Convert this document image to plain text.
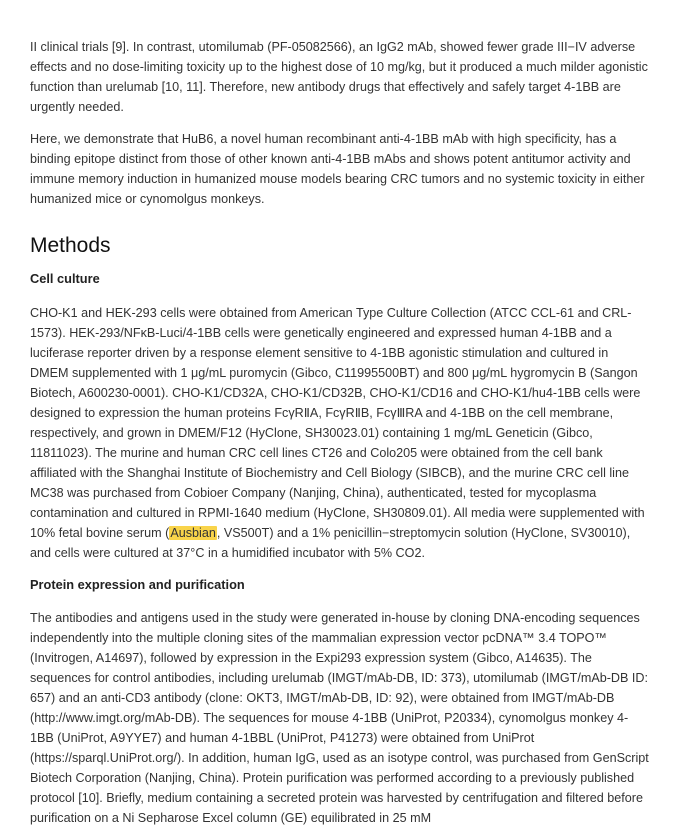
II clinical trials [9]. In contrast, utomilumab (PF-05082566), an IgG2 mAb, showed fewer grade III−IV adverse effects and no dose-limiting toxicity up to the highest dose of 10 mg/kg, but it produced a much milder agonistic function than urelumab [10, 11]. Therefore, new antibody drugs that effectively and safely target 4-1BB are urgently needed.

Here, we demonstrate that HuB6, a novel human recombinant anti-4-1BB mAb with high specificity, has a binding epitope distinct from those of other known anti-4-1BB mAbs and shows potent antitumor activity and immune memory induction in humanized mouse models bearing CRC tumors and no systemic toxicity in either humanized mice or cynomolgus monkeys.

Methods
Cell culture

CHO-K1 and HEK-293 cells were obtained from American Type Culture Collection (ATCC CCL-61 and CRL-1573). HEK-293/NFκB-Luci/4-1BB cells were genetically engineered and expressed human 4-1BB and a luciferase reporter driven by a response element sensitive to 4-1BB agonistic stimulation and cultured in DMEM supplemented with 1 μg/mL puromycin (Gibco, C11995500BT) and 800 μg/mL hygromycin B (Sangon Biotech, A600230-0001). CHO-K1/CD32A, CHO-K1/CD32B, CHO-K1/CD16 and CHO-K1/hu4-1BB cells were designed to expression the human proteins FcγRⅡA, FcγRⅡB, FcγⅢRA and 4-1BB on the cell membrane, respectively, and grown in DMEM/F12 (HyClone, SH30023.01) containing 1 mg/mL Geneticin (Gibco, 11811023). The murine and human CRC cell lines CT26 and Colo205 were obtained from the cell bank affiliated with the Shanghai Institute of Biochemistry and Cell Biology (SIBCB), and the murine CRC cell line MC38 was purchased from Cobioer Company (Nanjing, China), authenticated, tested for mycoplasma contamination and cultured in RPMI-1640 medium (HyClone, SH30809.01). All media were supplemented with 10% fetal bovine serum (Ausbian, VS500T) and a 1% penicillin−streptomycin solution (HyClone, SV30010), and cells were cultured at 37°C in a humidified incubator with 5% CO2.

Protein expression and purification

The antibodies and antigens used in the study were generated in-house by cloning DNA-encoding sequences independently into the multiple cloning sites of the mammalian expression vector pcDNA™ 3.4 TOPO™ (Invitrogen, A14697), followed by expression in the Expi293 expression system (Gibco, A14635). The sequences for control antibodies, including urelumab (IMGT/mAb-DB, ID: 373), utomilumab (IMGT/mAb-DB ID: 657) and an anti-CD3 antibody (clone: OKT3, IMGT/mAb-DB, ID: 92), were obtained from IMGT/mAb-DB (http://www.imgt.org/mAb-DB). The sequences for mouse 4-1BB (UniProt, P20334), cynomolgus monkey 4-1BB (UniProt, A9YYE7) and human 4-1BBL (UniProt, P41273) were obtained from UniProt (https://sparql.UniProt.org/). In addition, human IgG, used as an isotype control, was purchased from GenScript Biotech Corporation (Nanjing, China). Protein purification was performed according to a previously published protocol [10]. Briefly, medium containing a secreted protein was harvested by centrifugation and filtered before purification on a Ni Sepharose Excel column (GE) equilibrated in 25 mM
